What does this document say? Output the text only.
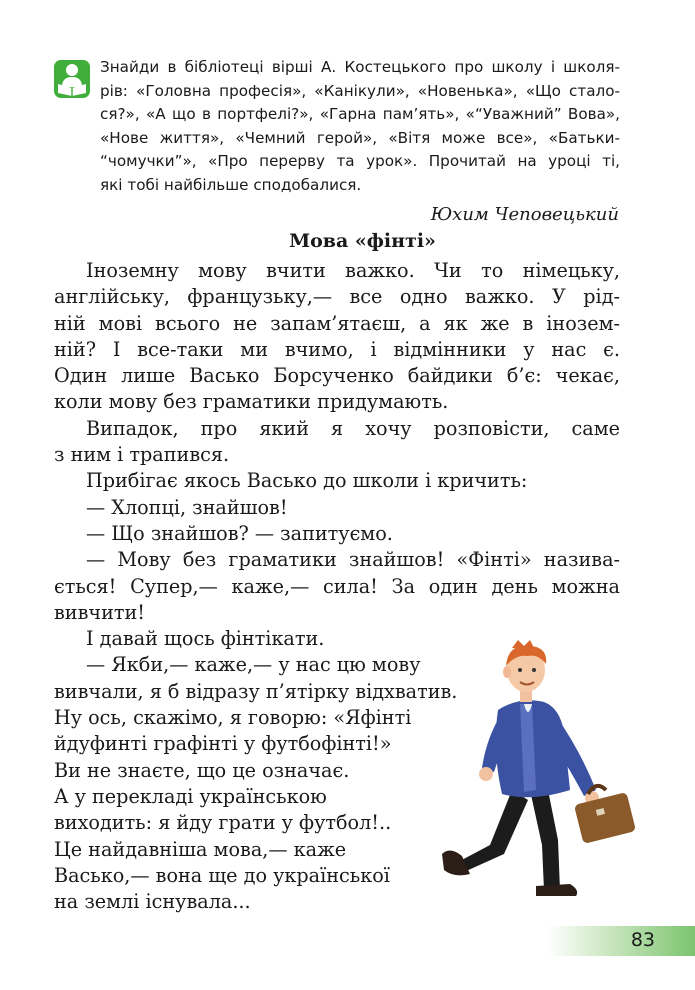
Знайди в бібліотеці вірші А. Костецького про школу і школя-
рів: «Головна професія», «Канікули», «Новенька», «Що стало-
ся?», «А що в портфелі?», «Гарна пам’ять», «“Уважний” Вова»,
«Нове життя», «Чемний герой», «Вітя може все», «Батьки-
“чомучки”», «Про перерву та урок». Прочитай на уроці ті,
які тобі найбільше сподобалися.
Юхим Чеповецький
Мова «фінті»
Іноземну мову вчити важко. Чи то німецьку,
англійську, французьку,— все одно важко. У рід-
ній мові всього не запам’ятаєш, а як же в інозем-
ній? І все-таки ми вчимо, і відмінники у нас є.
Один лише Васько Борсученко байдики б’є: чекає,
коли мову без граматики придумають.
Випадок, про який я хочу розповісти, саме
з ним і трапився.
Прибігає якось Васько до школи і кричить:
— Хлопці, знайшов!
— Що знайшов? — запитуємо.
— Мову без граматики знайшов! «Фінті» назива-
ється! Супер,— каже,— сила! За один день можна
вивчити!
І давай щось фінтікати.
— Якби,— каже,— у нас цю мову
вивчали, я б відразу п’ятірку відхватив.
Ну ось, скажімо, я говорю: «Яфінті
йдуфинті графінті у футбофінті!»
Ви не знаєте, що це означає.
А у перекладі українською
виходить: я йду грати у футбол!..
Це найдавніша мова,— каже
Васько,— вона ще до української
на землі існувала...
83
